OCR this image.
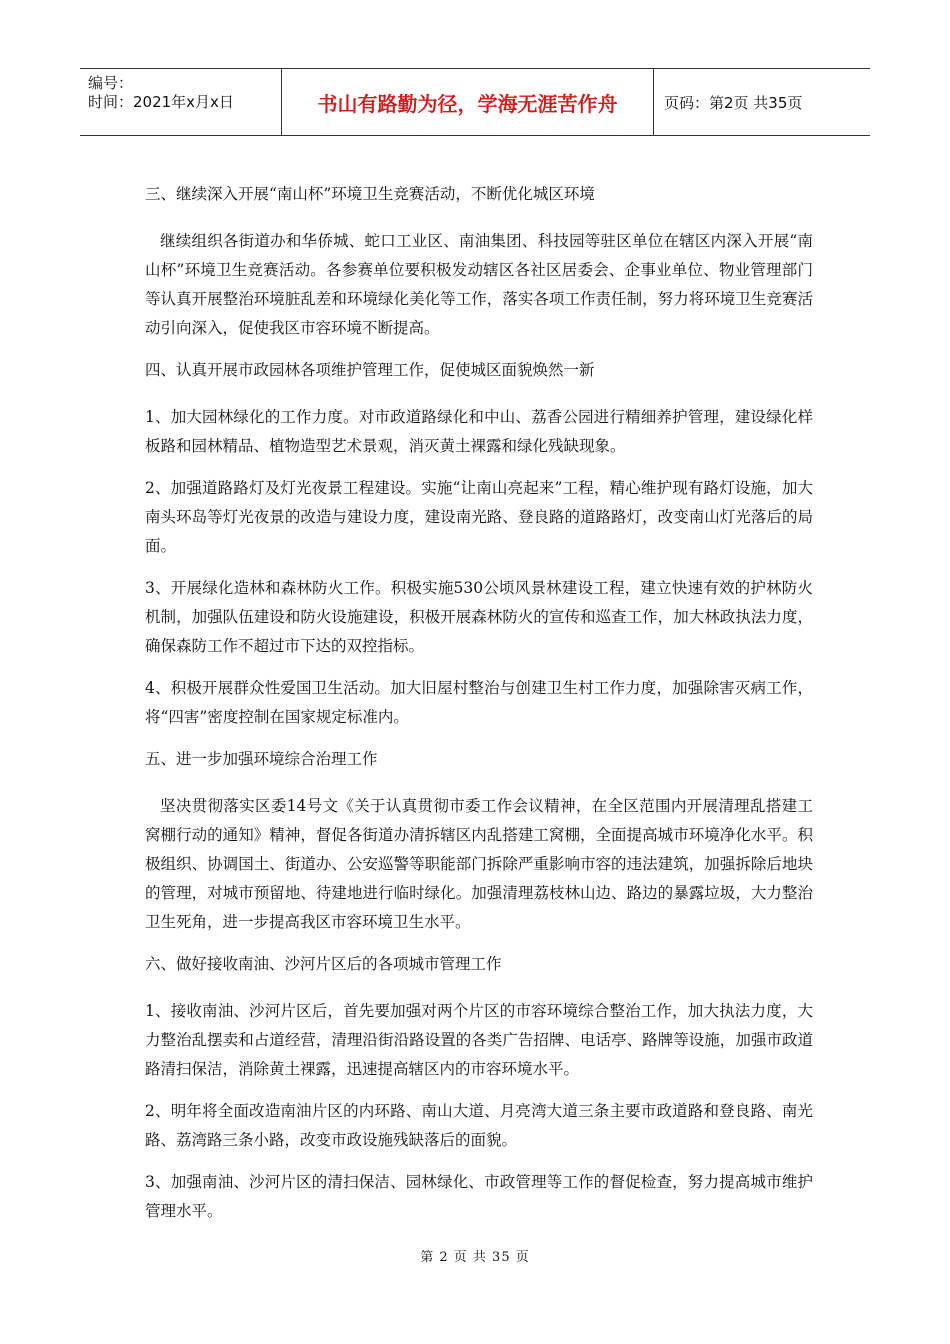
编号：
时间：2021年x月x日	书山有路勤为径，学海无涯苦作舟	页码：第2页 共35页

三、继续深入开展“南山杯”环境卫生竞赛活动，不断优化城区环境

继续组织各街道办和华侨城、蛇口工业区、南油集团、科技园等驻区单位在辖区内深入开展“南山杯”环境卫生竞赛活动。各参赛单位要积极发动辖区各社区居委会、企事业单位、物业管理部门等认真开展整治环境脏乱差和环境绿化美化等工作，落实各项工作责任制，努力将环境卫生竞赛活动引向深入，促使我区市容环境不断提高。

四、认真开展市政园林各项维护管理工作，促使城区面貌焕然一新

1、加大园林绿化的工作力度。对市政道路绿化和中山、荔香公园进行精细养护管理，建设绿化样板路和园林精品、植物造型艺术景观，消灭黄土裸露和绿化残缺现象。

2、加强道路路灯及灯光夜景工程建设。实施“让南山亮起来”工程，精心维护现有路灯设施，加大南头环岛等灯光夜景的改造与建设力度，建设南光路、登良路的道路路灯，改变南山灯光落后的局面。

3、开展绿化造林和森林防火工作。积极实施530公顷风景林建设工程，建立快速有效的护林防火机制，加强队伍建设和防火设施建设，积极开展森林防火的宣传和巡查工作，加大林政执法力度，确保森防工作不超过市下达的双控指标。

4、积极开展群众性爱国卫生活动。加大旧屋村整治与创建卫生村工作力度，加强除害灭病工作，将“四害”密度控制在国家规定标准内。

五、进一步加强环境综合治理工作

坚决贯彻落实区委14号文《关于认真贯彻市委工作会议精神，在全区范围内开展清理乱搭建工窝棚行动的通知》精神，督促各街道办清拆辖区内乱搭建工窝棚，全面提高城市环境净化水平。积极组织、协调国土、街道办、公安巡警等职能部门拆除严重影响市容的违法建筑，加强拆除后地块的管理，对城市预留地、待建地进行临时绿化。加强清理荔枝林山边、路边的暴露垃圾，大力整治卫生死角，进一步提高我区市容环境卫生水平。

六、做好接收南油、沙河片区后的各项城市管理工作

1、接收南油、沙河片区后，首先要加强对两个片区的市容环境综合整治工作，加大执法力度，大力整治乱摆卖和占道经营，清理沿街沿路设置的各类广告招牌、电话亭、路牌等设施，加强市政道路清扫保洁，消除黄土裸露，迅速提高辖区内的市容环境水平。

2、明年将全面改造南油片区的内环路、南山大道、月亮湾大道三条主要市政道路和登良路、南光路、荔湾路三条小路，改变市政设施残缺落后的面貌。

3、加强南油、沙河片区的清扫保洁、园林绿化、市政管理等工作的督促检查，努力提高城市维护管理水平。

第 2 页 共 35 页
